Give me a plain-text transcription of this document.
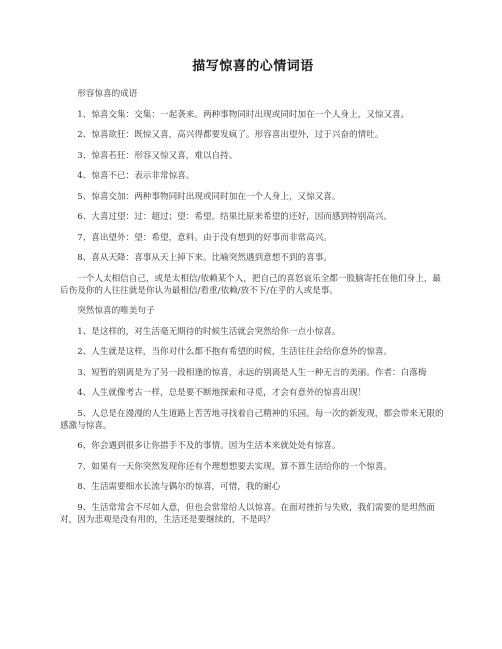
描写惊喜的心情词语

形容惊喜的成语

1、惊喜交集：交集：一起袭来。两种事物同时出现或同时加在一个人身上，又惊又喜。

2、惊喜欲狂：既惊又喜，高兴得都要发疯了。形容喜出望外，过于兴奋的情吐。

3、惊喜若狂：形容又惊又喜，难以自持。

4、惊喜不已：表示非常惊喜。

5、惊喜交加：两种事物同时出现或同时加在一个人身上，又惊又喜。

6、大喜过望：过：超过；望：希望。结果比原来希望的还好，因而感到特别高兴。

7、喜出望外：望：希望，意料。由于没有想到的好事而非常高兴。

8、喜从天降：喜事从天上掉下来。比喻突然遇到意想不到的喜事。

一个人太相信自己，或是太相信/依赖某个人，把自己的喜怒哀乐全都一股脑寄托在他们身上，最后伤及你的人往往就是你认为最相信/看重/依赖/放不下/在乎的人或是事。

突然惊喜的唯美句子

1、是这样的，对生活毫无期待的时候生活就会突然给你一点小惊喜。

2、人生就是这样，当你对什么都不抱有希望的时候，生活往往会给你意外的惊喜。

3、短暂的别离是为了另一段相逢的惊喜，永远的别离是人生一种无言的美丽。作者：白落梅

4、人生就像考古一样，总是要不断地探索和寻觅，才会有意外的惊喜出现！

5、人总是在漫漫的人生道路上苦苦地寻找着自己精神的乐园。每一次的新发现，都会带来无限的感激与惊喜。

6、你会遇到很多让你措手不及的事情。因为生活本来就处处有惊喜。

7、如果有一天你突然发现你还有个理想想要去实现，算不算生活给你的一个惊喜。

8、生活需要细水长流与偶尔的惊喜，可惜，我的耐心

9、生活常常会不尽如人意，但也会常常给人以惊喜。在面对挫折与失败，我们需要的是坦然面对，因为悲观是没有用的，生活还是要继续的，不是吗？
